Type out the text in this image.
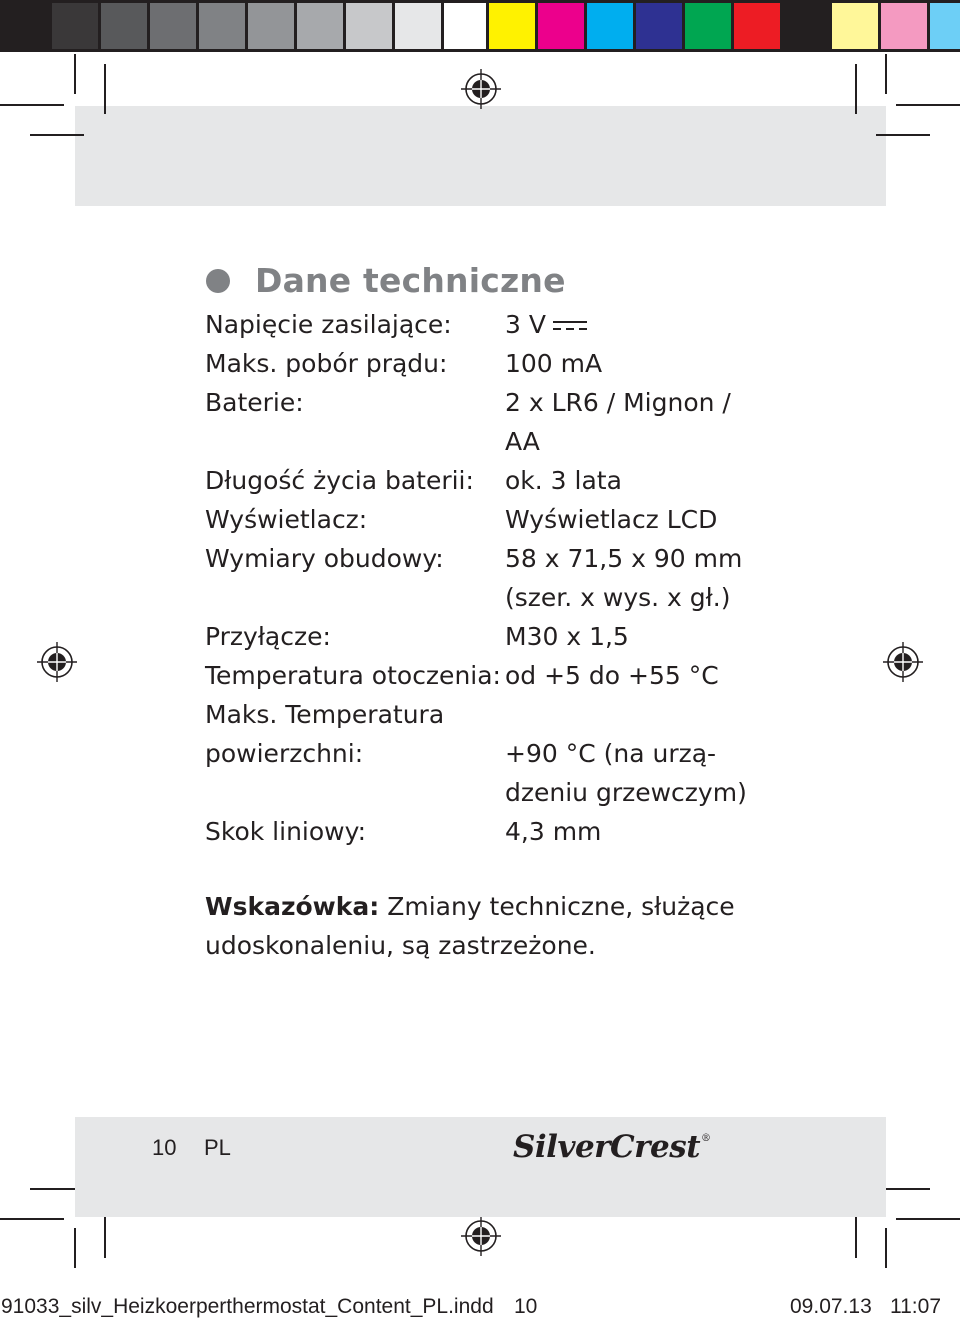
Dane techniczne
Napięcie zasilające: 3 V
Maks. pobór prądu: 100 mA
Baterie:	2 x LR6 / Mignon /
AA
Długość życia baterii: ok. 3 lata
Wyświetlacz:	Wyświetlacz LCD
Wymiary obudowy: 58 x 71,5 x 90 mm
(szer. x wys. x gł.)
Przyłącze:	M30 x 1,5
Temperatura otoczenia: od +5 do +55 °C
Maks. Temperatura
powierzchni:	+90 °C (na urzą-
dzeniu grzewczym)
Skok liniowy:	4,3 mm
Wskazówka: Zmiany techniczne, służące
udoskonaleniu, są zastrzeżone.
10 PL	SilverCrest®
91033_silv_Heizkoerperthermostat_Content_PL.indd 10	09.07.13 11:07
